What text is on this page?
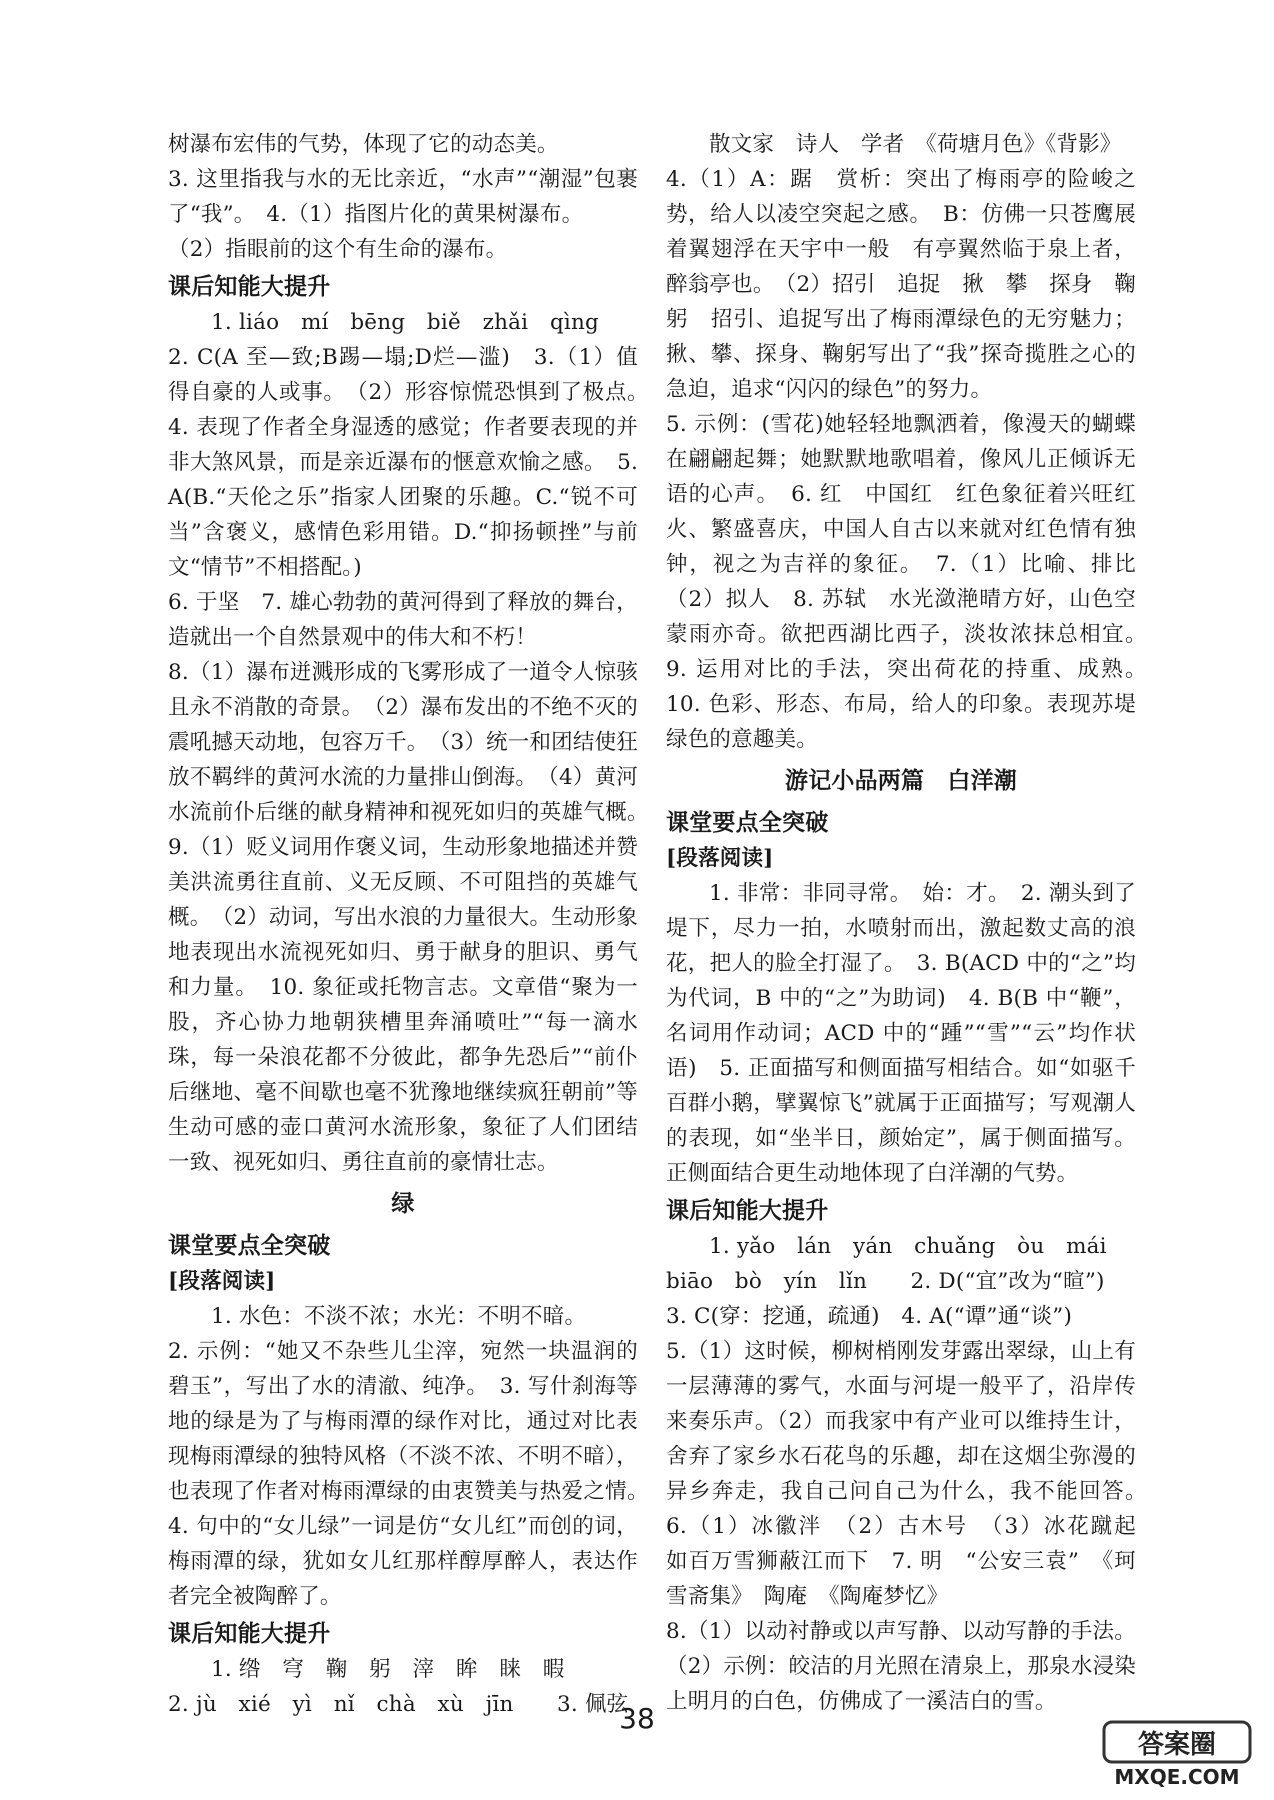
树瀑布宏伟的气势，体现了它的动态美。

3. 这里指我与水的无比亲近，“水声”“潮湿”包裹了“我”。　4.（1）指图片化的黄果树瀑布。

（2）指眼前的这个有生命的瀑布。

课后知能大提升

1. liáo　mí　bēng　biě　zhǎi　qìng

2. C(A 至—致;B踢—塌;D烂—滥)　3.（1）值得自豪的人或事。　（2）形容惊慌恐惧到了极点。　4. 表现了作者全身湿透的感觉；作者要表现的并非大煞风景，而是亲近瀑布的惬意欢愉之感。　5. A(B.“天伦之乐”指家人团聚的乐趣。C.“锐不可当”含褒义，感情色彩用错。D.“抑扬顿挫”与前文“情节”不相搭配。)

6. 于坚　7. 雄心勃勃的黄河得到了释放的舞台，造就出一个自然景观中的伟大和不朽！

8.（1）瀑布迸溅形成的飞雾形成了一道令人惊骇且永不消散的奇景。　（2）瀑布发出的不绝不灭的震吼撼天动地，包容万千。　（3）统一和团结使狂放不羁绊的黄河水流的力量排山倒海。　（4）黄河水流前仆后继的献身精神和视死如归的英雄气概。　9.（1）贬义词用作褒义词，生动形象地描述并赞美洪流勇往直前、义无反顾、不可阻挡的英雄气概。　（2）动词，写出水浪的力量很大。生动形象地表现出水流视死如归、勇于献身的胆识、勇气和力量。　10. 象征或托物言志。文章借“聚为一股，齐心协力地朝狭槽里奔涌喷吐”“每一滴水珠，每一朵浪花都不分彼此，都争先恐后”“前仆后继地、毫不间歇也毫不犹豫地继续疯狂朝前”等生动可感的壶口黄河水流形象，象征了人们团结一致、视死如归、勇往直前的豪情壮志。

绿
课堂要点全突破
[段落阅读]

1. 水色：不淡不浓；水光：不明不暗。

2. 示例：“她又不杂些儿尘滓，宛然一块温润的碧玉”，写出了水的清澈、纯净。　3. 写什刹海等地的绿是为了与梅雨潭的绿作对比，通过对比表现梅雨潭绿的独特风格（不淡不浓、不明不暗），也表现了作者对梅雨潭绿的由衷赞美与热爱之情。　4. 句中的“女儿绿”一词是仿“女儿红”而创的词，梅雨潭的绿，犹如女儿红那样醇厚醉人，表达作者完全被陶醉了。

课后知能大提升

1. 绺　穹　鞠　躬　滓　眸　睐　暇

2. jù　xié　yì　nǐ　chà　xù　jīn　　3. 佩弦

散文家　诗人　学者　《荷塘月色》《背影》

4.（1）A：踞　赏析：突出了梅雨亭的险峻之势，给人以凌空突起之感。　B：仿佛一只苍鹰展着翼翅浮在天宇中一般　有亭翼然临于泉上者，醉翁亭也。　（2）招引　追捉　揪　攀　探身　鞠躬　招引、追捉写出了梅雨潭绿色的无穷魅力；揪、攀、探身、鞠躬写出了“我”探奇揽胜之心的急迫，追求“闪闪的绿色”的努力。

5. 示例：(雪花)她轻轻地飘洒着，像漫天的蝴蝶在翩翩起舞；她默默地歌唱着，像风儿正倾诉无语的心声。　6. 红　中国红　红色象征着兴旺红火、繁盛喜庆，中国人自古以来就对红色情有独钟，视之为吉祥的象征。　7.（1）比喻、排比　（2）拟人　8. 苏轼　水光潋滟晴方好，山色空蒙雨亦奇。欲把西湖比西子，淡妆浓抹总相宜。　9. 运用对比的手法，突出荷花的持重、成熟。　10. 色彩、形态、布局，给人的印象。表现苏堤绿色的意趣美。

游记小品两篇　白洋潮
课堂要点全突破
[段落阅读]

1. 非常：非同寻常。　始：才。　2. 潮头到了堤下，尽力一拍，水喷射而出，激起数丈高的浪花，把人的脸全打湿了。　3. B(ACD 中的“之”均为代词，B 中的“之”为助词)　4. B(B 中“鞭”，名词用作动词；ACD 中的“踵”“雪”“云”均作状语)　5. 正面描写和侧面描写相结合。如“如驱千百群小鹅，擘翼惊飞”就属于正面描写；写观潮人的表现，如“坐半日，颜始定”，属于侧面描写。正侧面结合更生动地体现了白洋潮的气势。

课后知能大提升

1. yǎo　lán　yán　chuǎng　òu　mái

biāo　bò　yín　lǐn　　2. D(“宜”改为“暄”)

3. C(穿：挖通，疏通)　4. A(“谭”通“谈”)

5.（1）这时候，柳树梢刚发芽露出翠绿，山上有一层薄薄的雾气，水面与河堤一般平了，沿岸传来奏乐声。（2）而我家中有产业可以维持生计，舍弃了家乡水石花鸟的乐趣，却在这烟尘弥漫的异乡奔走，我自己问自己为什么，我不能回答。　6.（1）冰徽泮　（2）古木号　（3）冰花蹴起　如百万雪狮蔽江而下　7. 明　“公安三袁”　《珂雪斋集》　陶庵　《陶庵梦忆》

8.（1）以动衬静或以声写静、以动写静的手法。（2）示例：皎洁的月光照在清泉上，那泉水浸染上明月的白色，仿佛成了一溪洁白的雪。

38
答案圈
MXQE.COM
